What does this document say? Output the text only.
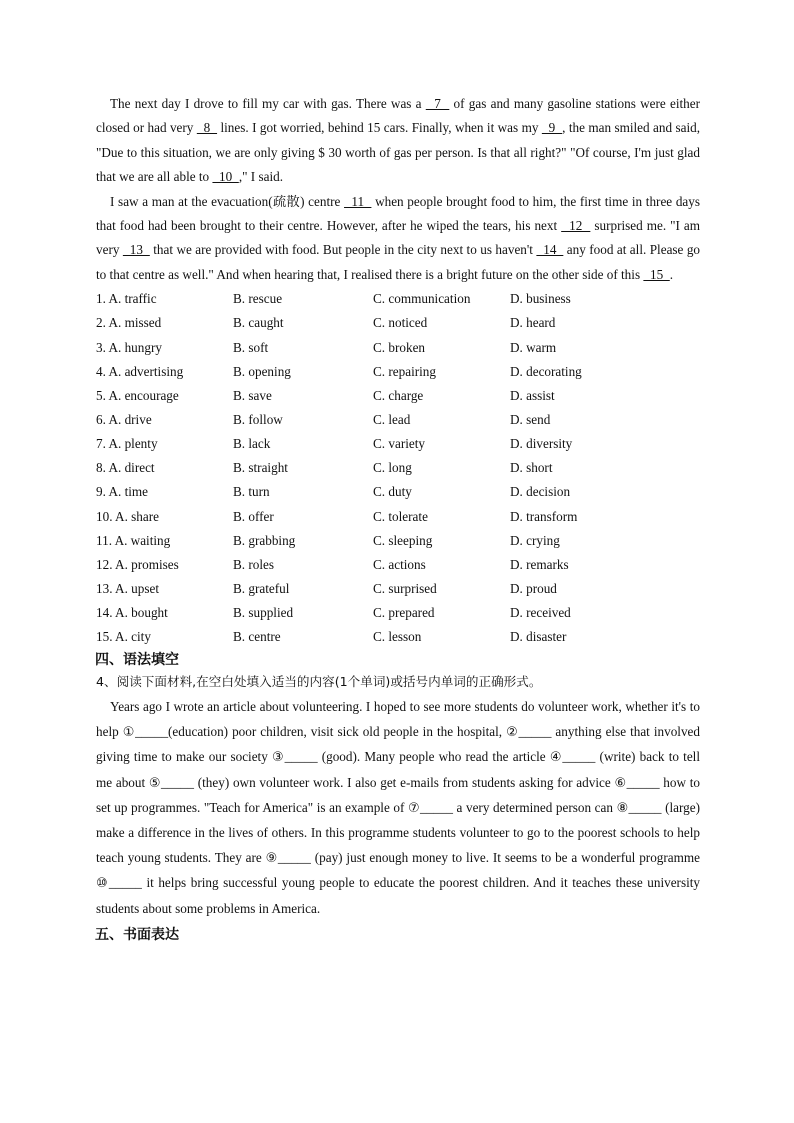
The next day I drove to fill my car with gas. There was a   7   of gas and many gasoline stations were either closed or had very   8   lines. I got worried, behind 15 cars. Finally, when it was my   9  , the man smiled and said, "Due to this situation, we are only giving $ 30 worth of gas per person. Is that all right?" "Of course, I'm just glad that we are all able to   10  ," I said.

I saw a man at the evacuation(疏散) centre   11   when people brought food to him, the first time in three days that food had been brought to their centre. However, after he wiped the tears, his next   12   surprised me. "I am very   13   that we are provided with food. But people in the city next to us haven't   14   any food at all. Please go to that centre as well." And when hearing that, I realised there is a bright future on the other side of this   15  .

1. A. traffic	B. rescue	C. communication	D. business
2. A. missed	B. caught	C. noticed	D. heard
3. A. hungry	B. soft	C. broken	D. warm
4. A. advertising	B. opening	C. repairing	D. decorating
5. A. encourage	B. save	C. charge	D. assist
6. A. drive	B. follow	C. lead	D. send
7. A. plenty	B. lack	C. variety	D. diversity
8. A. direct	B. straight	C. long	D. short
9. A. time	B. turn	C. duty	D. decision
10. A. share	B. offer	C. tolerate	D. transform
11. A. waiting	B. grabbing	C. sleeping	D. crying
12. A. promises	B. roles	C. actions	D. remarks
13. A. upset	B. grateful	C. surprised	D. proud
14. A. bought	B. supplied	C. prepared	D. received
15. A. city	B. centre	C. lesson	D. disaster

四、语法填空

4、阅读下面材料,在空白处填入适当的内容(1个单词)或括号内单词的正确形式。

Years ago I wrote an article about volunteering. I hoped to see more students do volunteer work, whether it's to help ①_____(education) poor children, visit sick old people in the hospital, ②_____ anything else that involved giving time to make our society ③_____ (good). Many people who read the article ④_____ (write) back to tell me about ⑤_____ (they) own volunteer work. I also get e-mails from students asking for advice ⑥_____ how to set up programmes. "Teach for America" is an example of ⑦_____ a very determined person can ⑧_____ (large) make a difference in the lives of others. In this programme students volunteer to go to the poorest schools to help teach young students. They are ⑨_____ (pay) just enough money to live. It seems to be a wonderful programme ⑩_____ it helps bring successful young people to educate the poorest children. And it teaches these university students about some problems in America.

五、书面表达
